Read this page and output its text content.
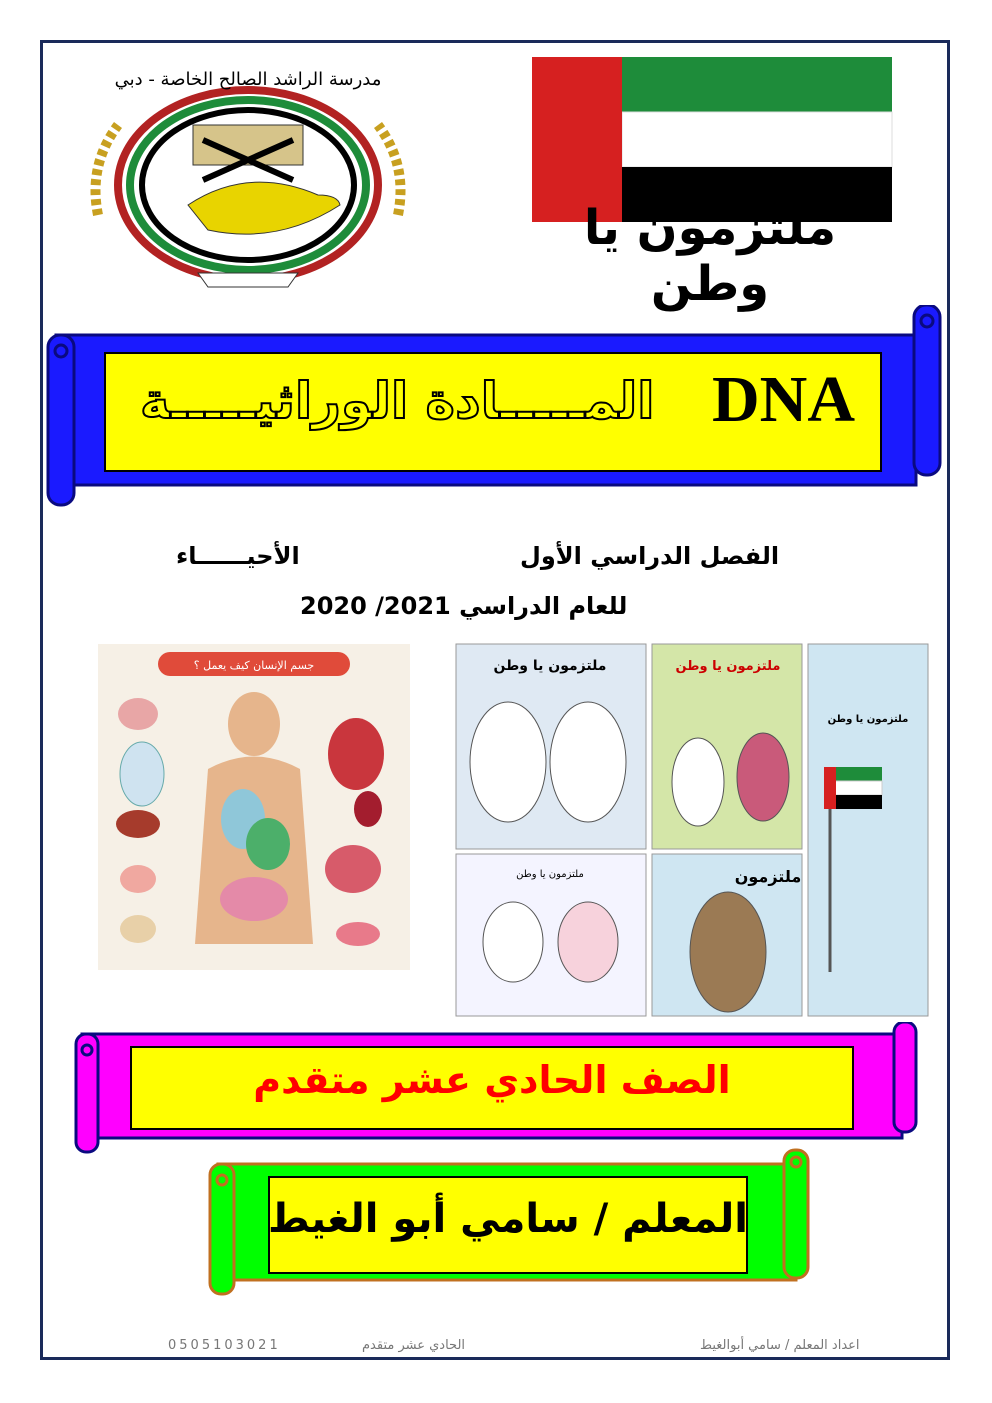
مدرسة الراشد الصالح الخاصة - دبي
ملتزمون يا وطن
DNA
المـــــادة الوراثيـــــة
الفصل الدراسي الأول
الأحيــــــاء
للعام الدراسي 2021/ 2020
جسم الإنسان كيف يعمل ؟	ملتزمون يا وطن	ملتزمون يا وطن
ملتزمون يا وطن
ملتزمون يا وطن	ملتزمون
الصف الحادي عشر متقدم
المعلم / سامي أبو الغيط
اعداد المعلم / سامي أبوالغيط
الحادي عشر متقدم
0505103021
